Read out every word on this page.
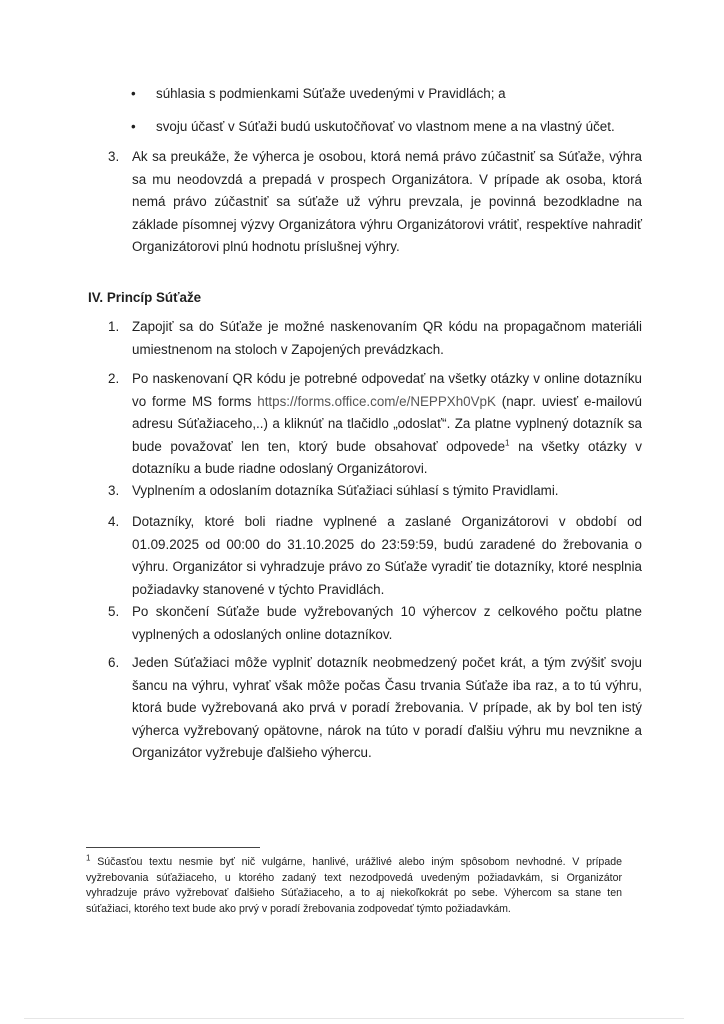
• súhlasia s podmienkami Súťaže uvedenými v Pravidlách; a
• svoju účasť v Súťaži budú uskutočňovať vo vlastnom mene a na vlastný účet.
3. Ak sa preukáže, že výherca je osobou, ktorá nemá právo zúčastniť sa Súťaže, výhra sa mu neodovzdá a prepadá v prospech Organizátora. V prípade ak osoba, ktorá nemá právo zúčastniť sa súťaže už výhru prevzala, je povinná bezodkladne na základe písomnej výzvy Organizátora výhru Organizátorovi vrátiť, respektíve nahradiť Organizátorovi plnú hodnotu príslušnej výhry.
IV. Princíp Súťaže
1. Zapojiť sa do Súťaže je možné naskenovaním QR kódu na propagačnom materiáli umiestnenom na stoloch v Zapojených prevádzkach.
2. Po naskenovaní QR kódu je potrebné odpovedať na všetky otázky v online dotazníku vo forme MS forms https://forms.office.com/e/NEPPXh0VpK (napr. uviesť e-mailovú adresu Súťažiaceho,..) a kliknúť na tlačidlo „odoslať“. Za platne vyplnený dotazník sa bude považovať len ten, ktorý bude obsahovať odpovede$^1$ na všetky otázky v dotazníku a bude riadne odoslaný Organizátorovi.
3. Vyplnením a odoslaním dotazníka Súťažiaci súhlasí s týmito Pravidlami.
4. Dotazníky, ktoré boli riadne vyplnené a zaslané Organizátorovi v období od 01.09.2025 od 00:00 do 31.10.2025 do 23:59:59, budú zaradené do žrebovania o výhru. Organizátor si vyhradzuje právo zo Súťaže vyradiť tie dotazníky, ktoré nesplnia požiadavky stanovené v týchto Pravidlách.
5. Po skončení Súťaže bude vyžrebovaných 10 výhercov z celkového počtu platne vyplnených a odoslaných online dotazníkov.
6. Jeden Súťažiaci môže vyplniť dotazník neobmedzený počet krát, a tým zvýšiť svoju šancu na výhru, vyhrať však môže počas Času trvania Súťaže iba raz, a to tú výhru, ktorá bude vyžrebovaná ako prvá v poradí žrebovania. V prípade, ak by bol ten istý výherca vyžrebovaný opätovne, nárok na túto v poradí ďalšiu výhru mu nevznikne a Organizátor vyžrebuje ďalšieho výhercu.
$^1$ Súčasťou textu nesmie byť nič vulgárne, hanlivé, urážlivé alebo iným spôsobom nevhodné. V prípade vyžrebovania súťažiaceho, u ktorého zadaný text nezodpovedá uvedeným požiadavkám, si Organizátor vyhradzuje právo vyžrebovať ďalšieho Súťažiaceho, a to aj niekoľkokrát po sebe. Výhercom sa stane ten súťažiaci, ktorého text bude ako prvý v poradí žrebovania zodpovedať týmto požiadavkám.
